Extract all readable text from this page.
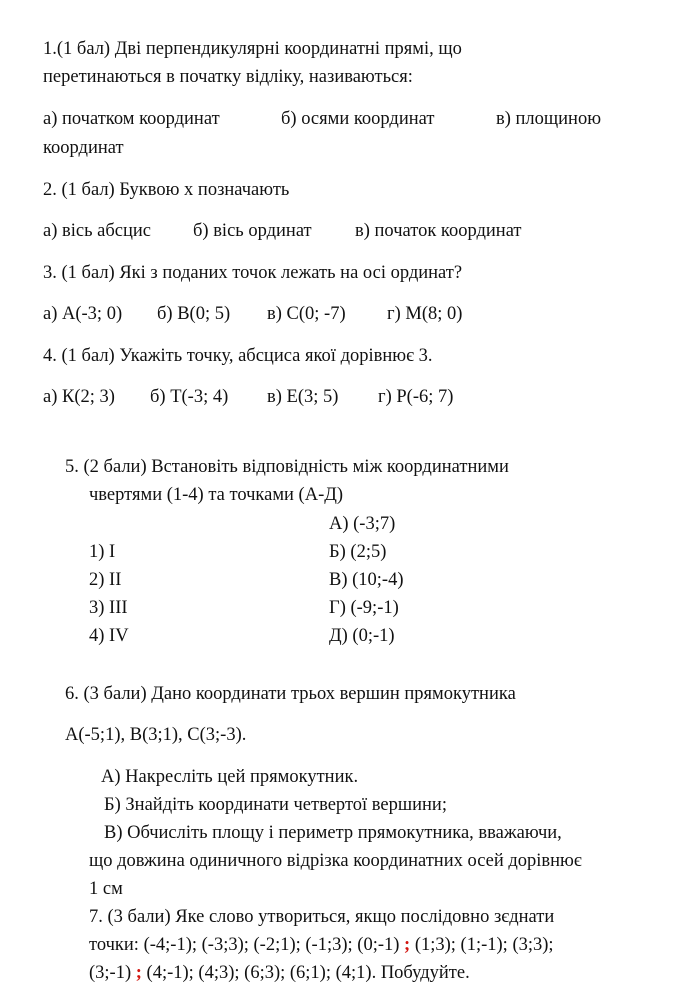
1.(1 бал) Дві перпендикулярні координатні прямі, що
перетинаються в початку відліку, називаються:
а) початком координат	б) осями координат	в) площиною
координат
2. (1 бал) Буквою х позначають
а) вісь абсцис б) вісь ординат в) початок координат
3. (1 бал) Які з поданих точок лежать на осі ординат?
а) А(-3; 0) б) В(0; 5) в) С(0; -7) г) М(8; 0)
4. (1 бал) Укажіть точку, абсциса якої дорівнює 3.
а) К(2; 3) б) Т(-3; 4) в) Е(3; 5) г) Р(-6; 7)
5. (2 бали) Встановіть відповідність між координатними
чвертями (1-4) та точками (А-Д)
А) (-3;7)
1) І	Б) (2;5)
2) ІІ	В) (10;-4)
3) ІІІ	Г) (-9;-1)
4) ІV	Д) (0;-1)
6. (3 бали) Дано координати трьох вершин прямокутника
А(-5;1), В(3;1), С(3;-3).
А) Накресліть цей прямокутник.
Б) Знайдіть координати четвертої вершини;
В) Обчисліть площу і периметр прямокутника, вважаючи,
що довжина одиничного відрізка координатних осей дорівнює
1 см
7. (3 бали) Яке слово утвориться, якщо послідовно зєднати
точки: (-4;-1); (-3;3); (-2;1); (-1;3); (0;-1) ; (1;3); (1;-1); (3;3);
(3;-1) ; (4;-1); (4;3); (6;3); (6;1); (4;1). Побудуйте.
